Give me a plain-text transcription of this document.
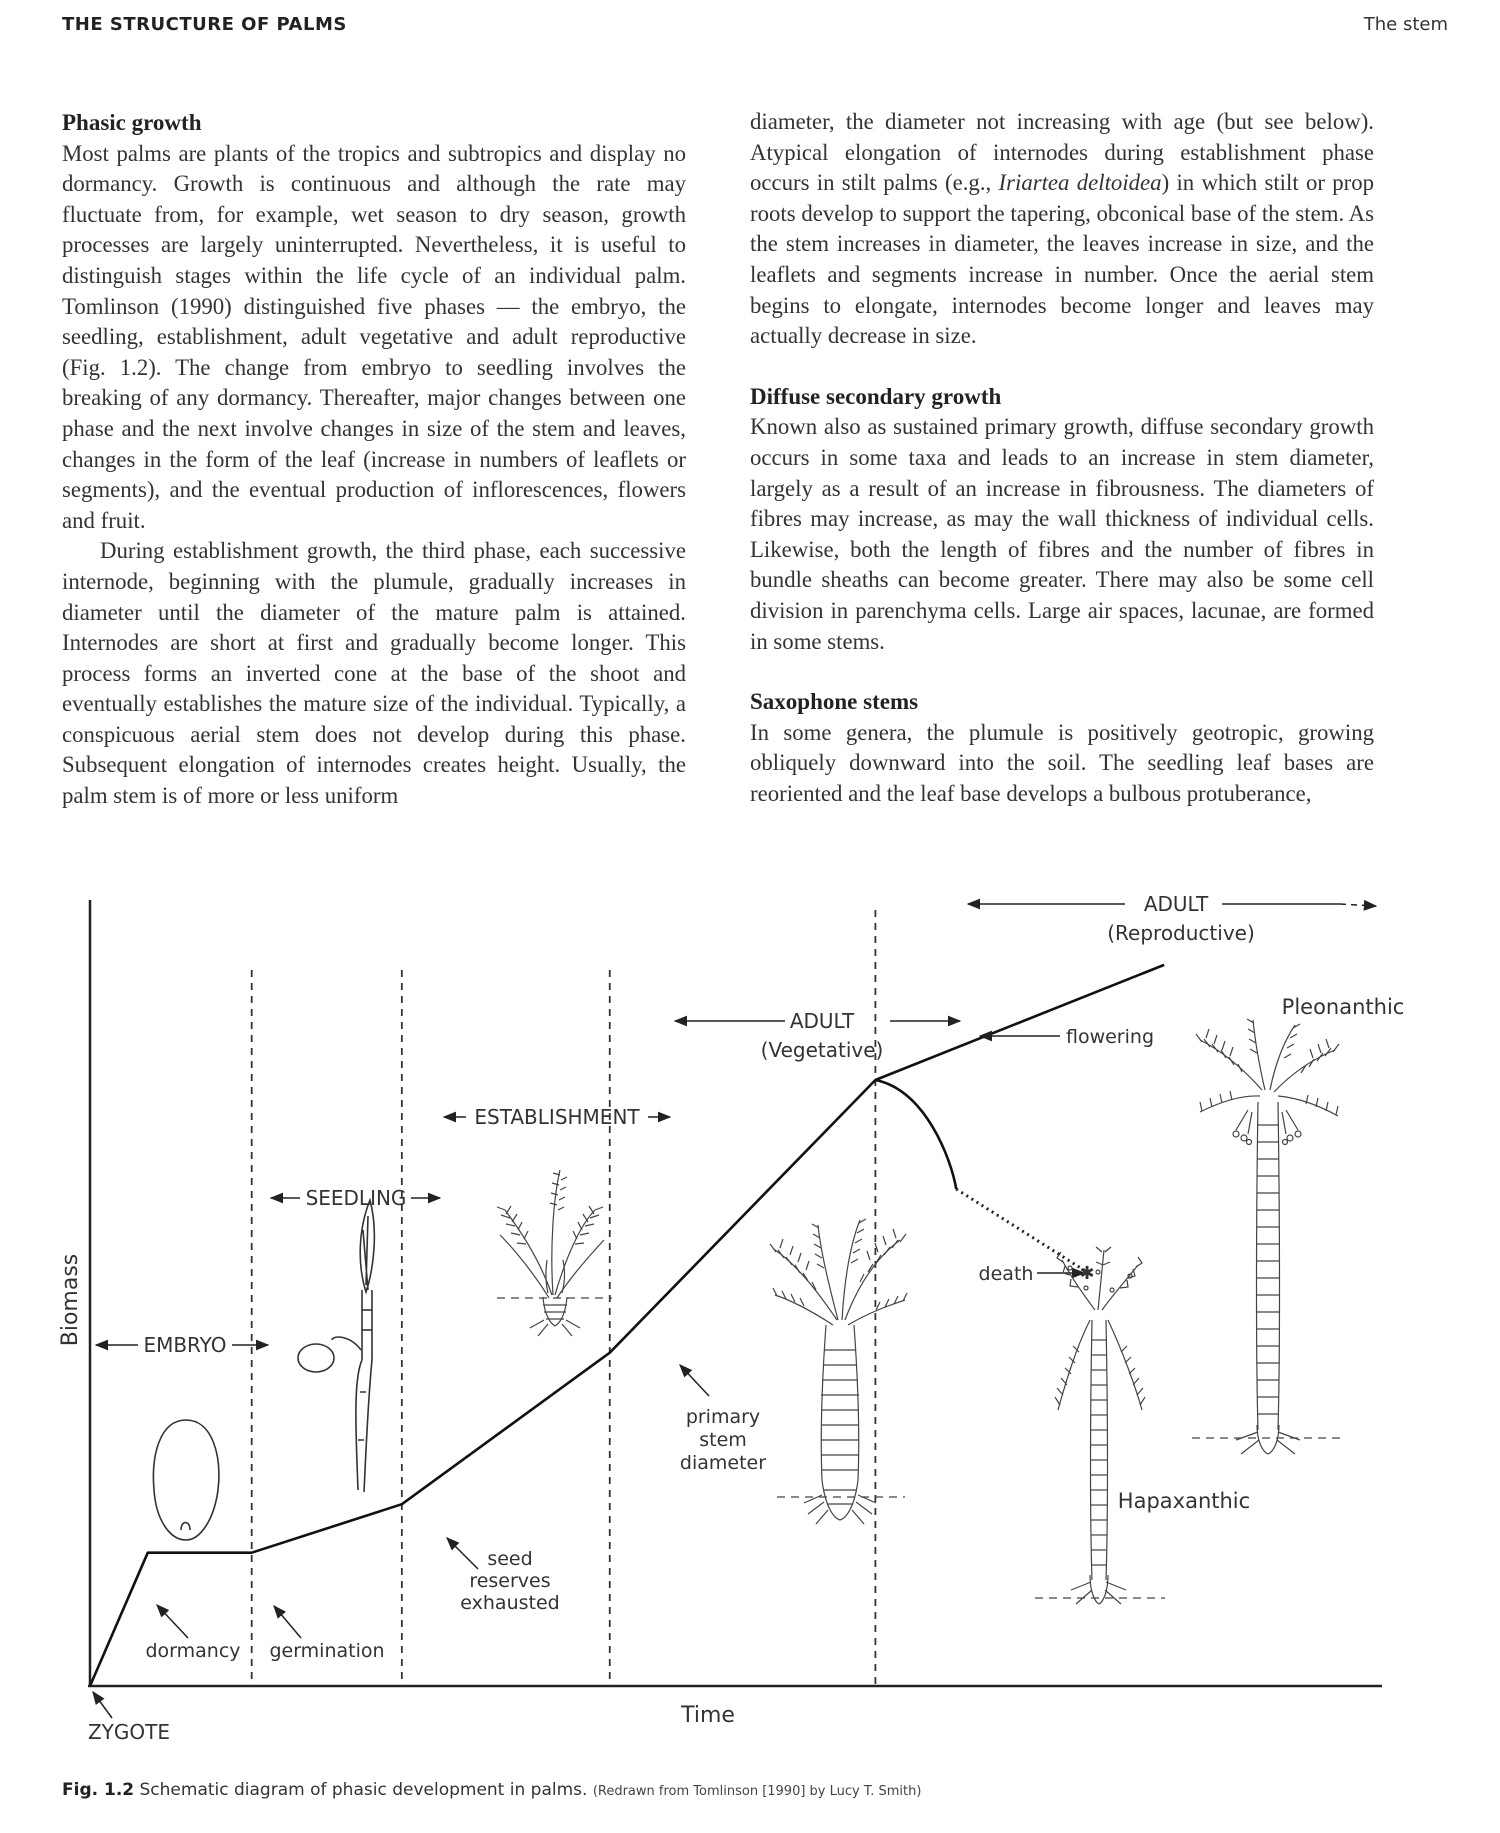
THE STRUCTURE OF PALMS	The stem
Phasic growth

Most palms are plants of the tropics and subtropics and display no dormancy. Growth is continuous and although the rate may fluctuate from, for example, wet season to dry season, growth processes are largely uninterrupted. Nevertheless, it is useful to distinguish stages within the life cycle of an individual palm. Tomlinson (1990) distinguished five phases — the embryo, the seedling, establishment, adult vegetative and adult reproductive (Fig. 1.2). The change from embryo to seedling involves the breaking of any dormancy. Thereafter, major changes between one phase and the next involve changes in size of the stem and leaves, changes in the form of the leaf (increase in numbers of leaflets or segments), and the eventual production of inflorescences, flowers and fruit.

During establishment growth, the third phase, each successive internode, beginning with the plumule, gradually increases in diameter until the diameter of the mature palm is attained. Internodes are short at first and gradually become longer. This process forms an inverted cone at the base of the shoot and eventually establishes the mature size of the individual. Typically, a conspicuous aerial stem does not develop during this phase. Subsequent elongation of internodes creates height. Usually, the palm stem is of more or less uniform

diameter, the diameter not increasing with age (but see below). Atypical elongation of internodes during establishment phase occurs in stilt palms (e.g., Iriartea deltoidea) in which stilt or prop roots develop to support the tapering, obconical base of the stem. As the stem increases in diameter, the leaves increase in size, and the leaflets and segments increase in number. Once the aerial stem begins to elongate, internodes become longer and leaves may actually decrease in size.

Diffuse secondary growth

Known also as sustained primary growth, diffuse secondary growth occurs in some taxa and leads to an increase in stem diameter, largely as a result of an increase in fibrousness. The diameters of fibres may increase, as may the wall thickness of individual cells. Likewise, both the length of fibres and the number of fibres in bundle sheaths can become greater. There may also be some cell division in parenchyma cells. Large air spaces, lacunae, are formed in some stems.

Saxophone stems

In some genera, the plumule is positively geotropic, growing obliquely downward into the soil. The seedling leaf bases are reoriented and the leaf base develops a bulbous protuberance,

Biomass
Time
EMBRYO
SEEDLING
ESTABLISHMENT
ADULT
(Vegetative)
ADULT
(Reproductive)
ZYGOTE
dormancy germination
seed
reserves
exhausted
primary
stem
diameter
flowering
death	✱
Pleonanthic
Hapaxanthic
Fig. 1.2 Schematic diagram of phasic development in palms. (Redrawn from Tomlinson [1990] by Lucy T. Smith)
